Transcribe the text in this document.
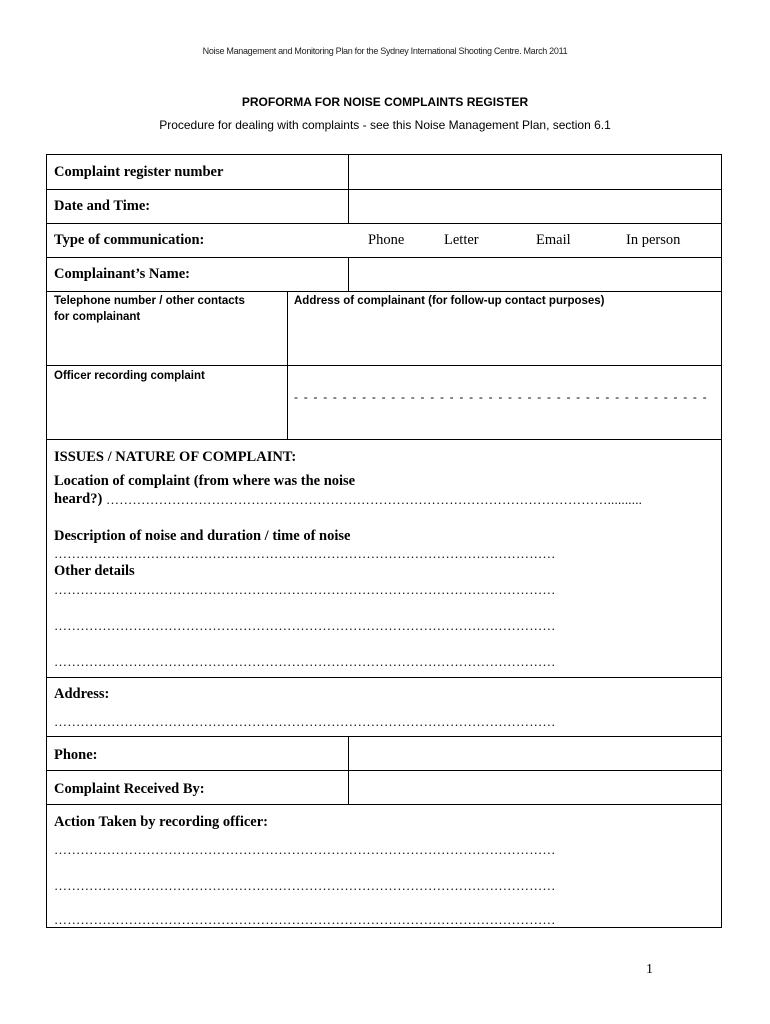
Noise Management and Monitoring Plan for the Sydney International Shooting Centre. March 2011
PROFORMA FOR NOISE COMPLAINTS REGISTER
Procedure for dealing with complaints - see this Noise Management Plan, section 6.1
Complaint register number
Date and Time:
Type of communication:	Phone	Letter	Email	In person
Complainant’s Name:
Telephone number / other contacts
for complainant
Address of complainant (for follow-up contact purposes)
Officer recording complaint
- - - - - - - - - - - - - - - - - - - - - - - - - - - - - - - - - - - - - - - - - - -
ISSUES / NATURE OF COMPLAINT:
Location of complaint (from where was the noise
heard?) ……………………………………………………………………………………………………..........
Description of noise and duration / time of noise
……………………………………………………………………………………………………
Other details
……………………………………………………………………………………………………
……………………………………………………………………………………………………
……………………………………………………………………………………………………
Address:
……………………………………………………………………………………………………
Phone:
Complaint Received By:
Action Taken by recording officer:
……………………………………………………………………………………………………
……………………………………………………………………………………………………
……………………………………………………………………………………………………
1
